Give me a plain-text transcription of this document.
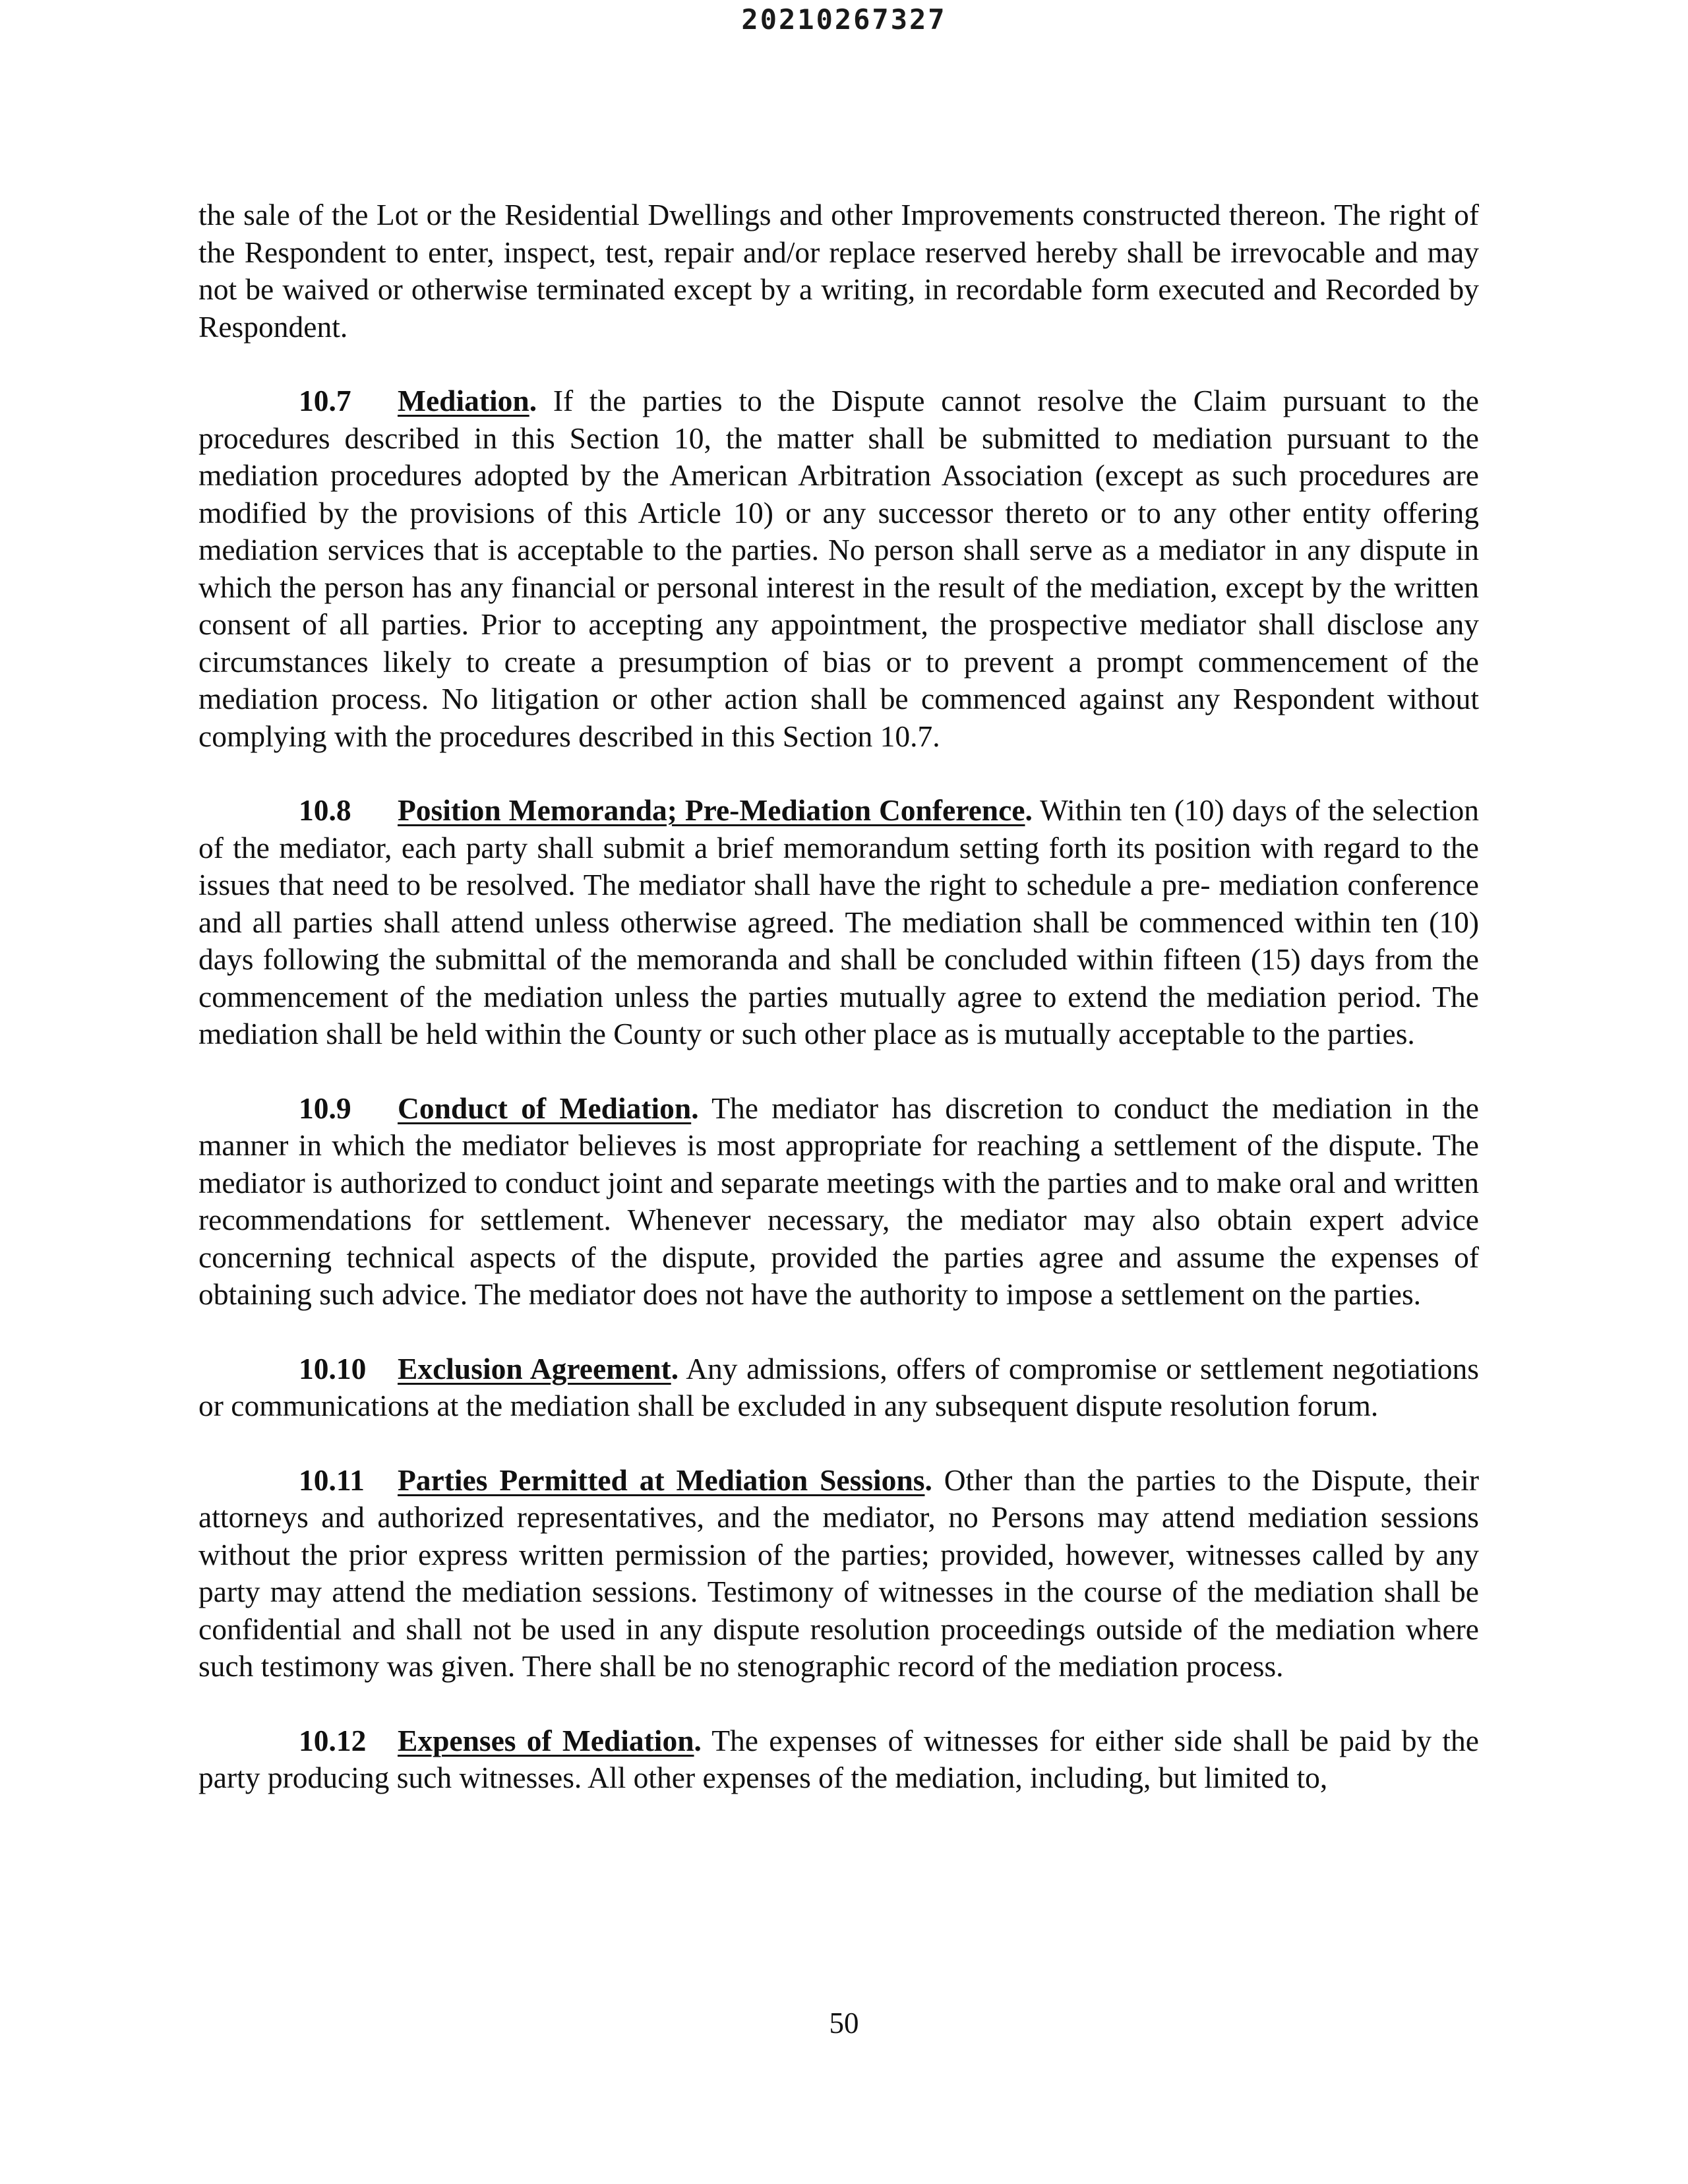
20210267327

the sale of the Lot or the Residential Dwellings and other Improvements constructed thereon. The right of the Respondent to enter, inspect, test, repair and/or replace reserved hereby shall be irrevocable and may not be waived or otherwise terminated except by a writing, in recordable form executed and Recorded by Respondent.

10.7 Mediation. If the parties to the Dispute cannot resolve the Claim pursuant to the procedures described in this Section 10, the matter shall be submitted to mediation pursuant to the mediation procedures adopted by the American Arbitration Association (except as such procedures are modified by the provisions of this Article 10) or any successor thereto or to any other entity offering mediation services that is acceptable to the parties. No person shall serve as a mediator in any dispute in which the person has any financial or personal interest in the result of the mediation, except by the written consent of all parties. Prior to accepting any appointment, the prospective mediator shall disclose any circumstances likely to create a presumption of bias or to prevent a prompt commencement of the mediation process. No litigation or other action shall be commenced against any Respondent without complying with the procedures described in this Section 10.7.

10.8 Position Memoranda; Pre-Mediation Conference. Within ten (10) days of the selection of the mediator, each party shall submit a brief memorandum setting forth its position with regard to the issues that need to be resolved. The mediator shall have the right to schedule a pre- mediation conference and all parties shall attend unless otherwise agreed. The mediation shall be commenced within ten (10) days following the submittal of the memoranda and shall be concluded within fifteen (15) days from the commencement of the mediation unless the parties mutually agree to extend the mediation period. The mediation shall be held within the County or such other place as is mutually acceptable to the parties.

10.9 Conduct of Mediation. The mediator has discretion to conduct the mediation in the manner in which the mediator believes is most appropriate for reaching a settlement of the dispute. The mediator is authorized to conduct joint and separate meetings with the parties and to make oral and written recommendations for settlement. Whenever necessary, the mediator may also obtain expert advice concerning technical aspects of the dispute, provided the parties agree and assume the expenses of obtaining such advice. The mediator does not have the authority to impose a settlement on the parties.

10.10 Exclusion Agreement. Any admissions, offers of compromise or settlement negotiations or communications at the mediation shall be excluded in any subsequent dispute resolution forum.

10.11 Parties Permitted at Mediation Sessions. Other than the parties to the Dispute, their attorneys and authorized representatives, and the mediator, no Persons may attend mediation sessions without the prior express written permission of the parties; provided, however, witnesses called by any party may attend the mediation sessions. Testimony of witnesses in the course of the mediation shall be confidential and shall not be used in any dispute resolution proceedings outside of the mediation where such testimony was given. There shall be no stenographic record of the mediation process.

10.12 Expenses of Mediation. The expenses of witnesses for either side shall be paid by the party producing such witnesses. All other expenses of the mediation, including, but limited to,

50
